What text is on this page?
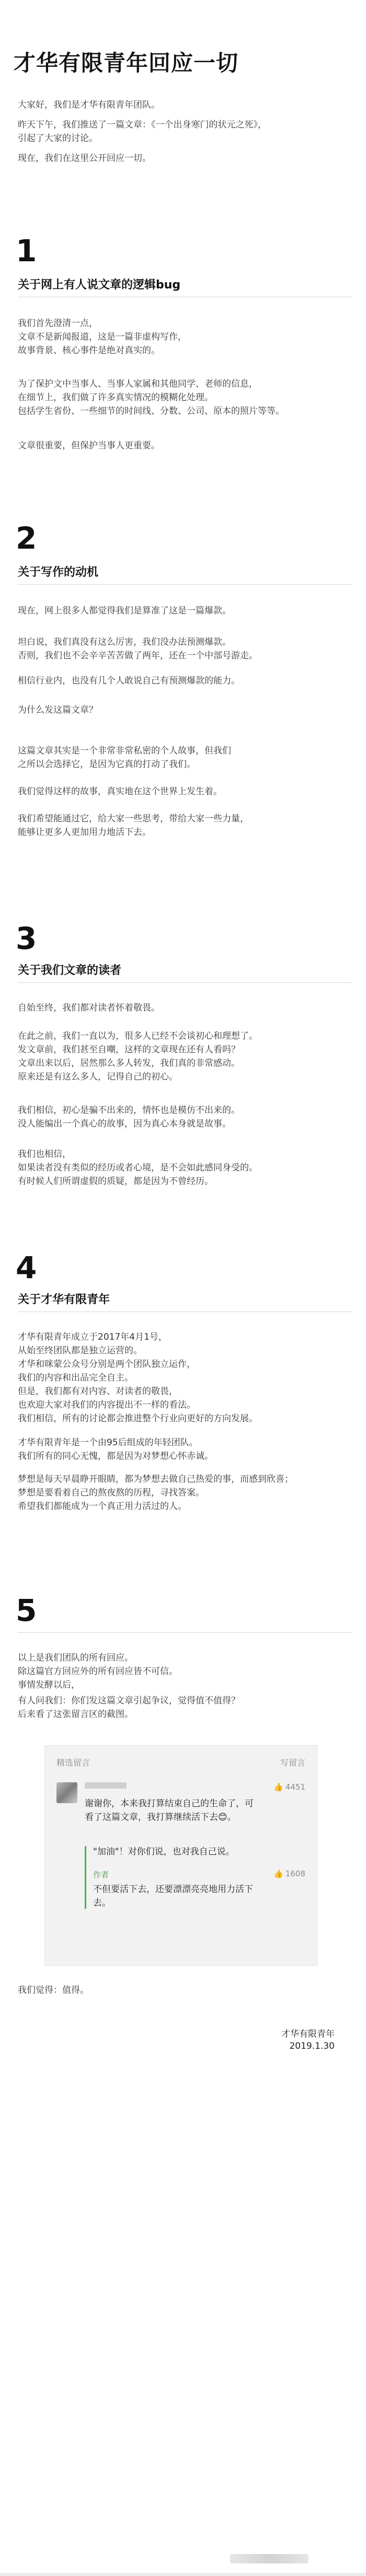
才华有限青年回应一切
大家好，我们是才华有限青年团队。
昨天下午，我们推送了一篇文章：《一个出身寒门的状元之死》，
引起了大家的讨论。
现在，我们在这里公开回应一切。
1
关于网上有人说文章的逻辑bug
我们首先澄清一点，
文章不是新闻报道，这是一篇非虚构写作，
故事背景、核心事件是绝对真实的。
为了保护文中当事人、当事人家属和其他同学、老师的信息，
在细节上，我们做了许多真实情况的模糊化处理。
包括学生省份、一些细节的时间线、分数、公司、原本的照片等等。
文章很重要，但保护当事人更重要。
2
关于写作的动机
现在，网上很多人都觉得我们是算准了这是一篇爆款。
坦白说，我们真没有这么厉害，我们没办法预测爆款。
否则，我们也不会辛辛苦苦做了两年，还在一个中部号游走。
相信行业内，也没有几个人敢说自己有预测爆款的能力。
为什么发这篇文章？
这篇文章其实是一个非常非常私密的个人故事，但我们
之所以会选择它，是因为它真的打动了我们。
我们觉得这样的故事，真实地在这个世界上发生着。
我们希望能通过它，给大家一些思考，带给大家一些力量，
能够让更多人更加用力地活下去。
3
关于我们文章的读者
自始至终，我们都对读者怀着敬畏。
在此之前，我们一直以为，很多人已经不会谈初心和理想了。
发文章前，我们甚至自嘲，这样的文章现在还有人看吗？
文章出来以后，居然那么多人转发，我们真的非常感动。
原来还是有这么多人，记得自己的初心。
我们相信，初心是骗不出来的，情怀也是模仿不出来的。
没人能编出一个真心的故事，因为真心本身就是故事。
我们也相信，
如果读者没有类似的经历或者心境，是不会如此感同身受的。
有时候人们所谓虚假的质疑，都是因为不曾经历。
4
关于才华有限青年
才华有限青年成立于2017年4月1号，
从始至终团队都是独立运营的。
才华和咪蒙公众号分别是两个团队独立运作，
我们的内容和出品完全自主。
但是，我们都有对内容、对读者的敬畏，
也欢迎大家对我们的内容提出不一样的看法。
我们相信，所有的讨论都会推进整个行业向更好的方向发展。
才华有限青年是一个由95后组成的年轻团队。
我们所有的同心无愧，都是因为对梦想心怀赤诚。
梦想是每天早晨睁开眼睛，都为梦想去做自己热爱的事，而感到欣喜；
梦想是要看着自己的熬夜熬的历程，寻找答案。
希望我们都能成为一个真正用力活过的人。
5
以上是我们团队的所有回应。
除这篇官方回应外的所有回应皆不可信。
事情发酵以后，
有人问我们：你们发这篇文章引起争议，觉得值不值得？
后来看了这张留言区的截图。
精选留言	写留言
👍 4451
谢谢你，本来我打算结束自己的生命了，可看了这篇文章，我打算继续活下去😊。
"加油"！对你们说，也对我自己说。
👍 1608
作者
不但要活下去，还要漂漂亮亮地用力活下去。
我们觉得：值得。
才华有限青年
2019.1.30
